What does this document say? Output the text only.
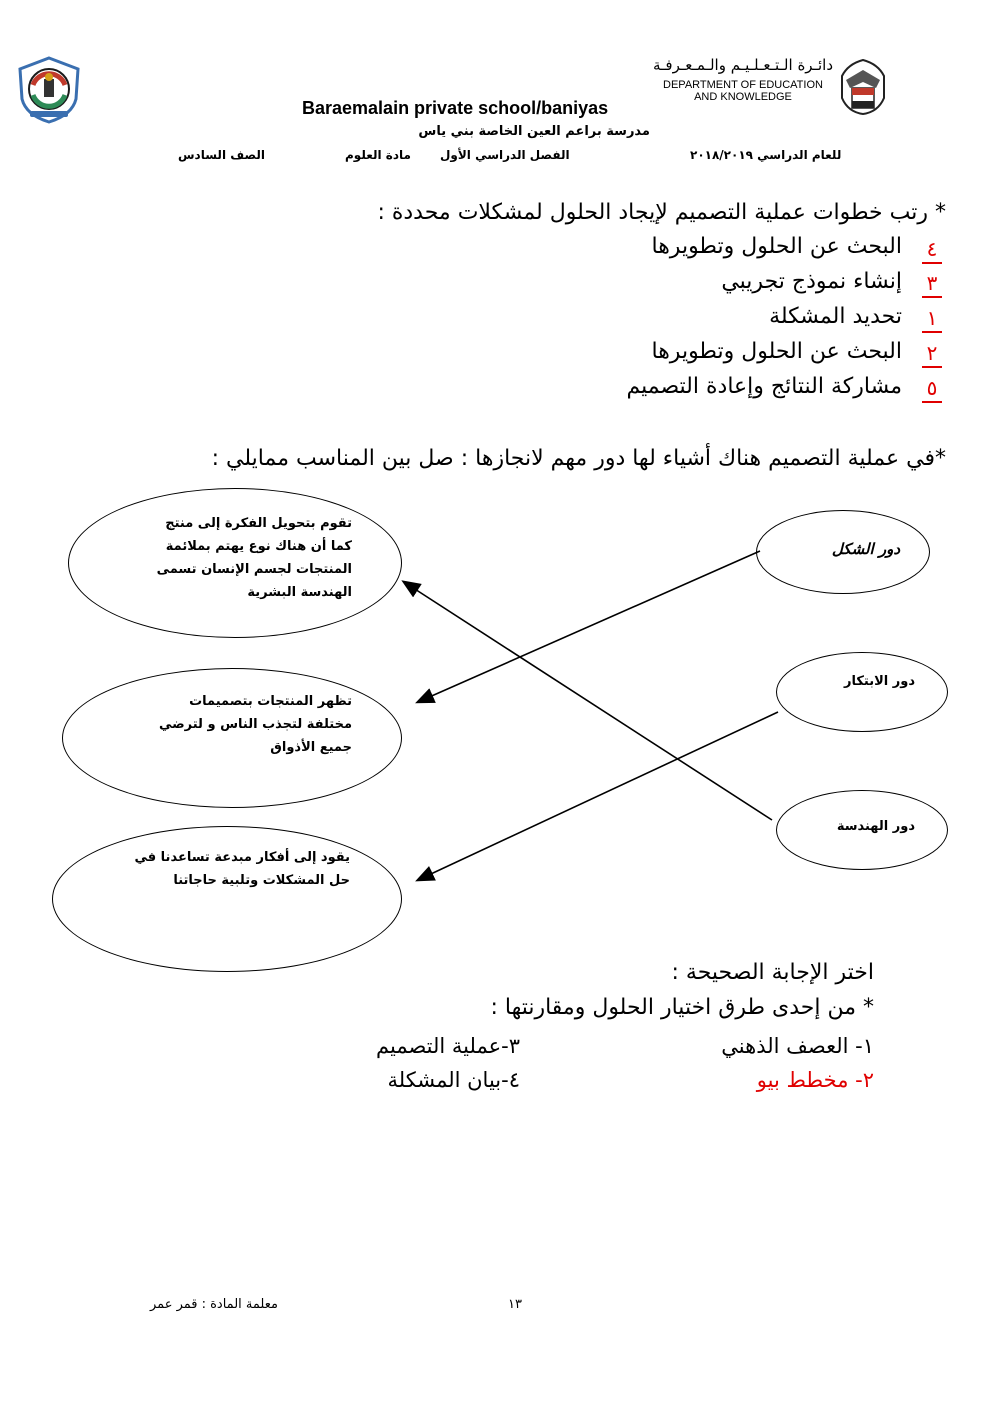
دائـرة الـتـعـلـيـم والـمـعـرفـة
DEPARTMENT OF EDUCATION
AND KNOWLEDGE
Baraemalain private school/baniyas
مدرسة براعم العين الخاصة بني ياس
للعام الدراسي ٢٠١٨/٢٠١٩
الفصل الدراسي الأول
مادة العلوم
الصف السادس
* رتب خطوات عملية التصميم لإيجاد الحلول لمشكلات محددة :
٤
البحث عن الحلول وتطويرها
٣
إنشاء نموذج تجريبي
١
تحديد المشكلة
٢
البحث عن الحلول وتطويرها
٥
مشاركة النتائج وإعادة التصميم
*في عملية التصميم هناك أشياء لها دور مهم لانجازها : صل بين المناسب ممايلي :
تقوم بتحويل الفكرة إلى منتج كما أن هناك نوع يهتم بملائمة المنتجات لجسم الإنسان تسمى الهندسة البشرية
تظهر المنتجات بتصميمات مختلفة لتجذب الناس و لترضي جميع الأذواق
يقود إلى أفكار مبدعة تساعدنا في حل المشكلات وتلبية حاجاتنا
دور الشكل
دور الابتكار
دور الهندسة
اختر الإجابة الصحيحة :
* من إحدى طرق اختيار الحلول ومقارنتها :
١- العصف الذهني
٢- مخطط بيو
٣-عملية التصميم
٤-بيان المشكلة
١٣
معلمة المادة : قمر عمر
